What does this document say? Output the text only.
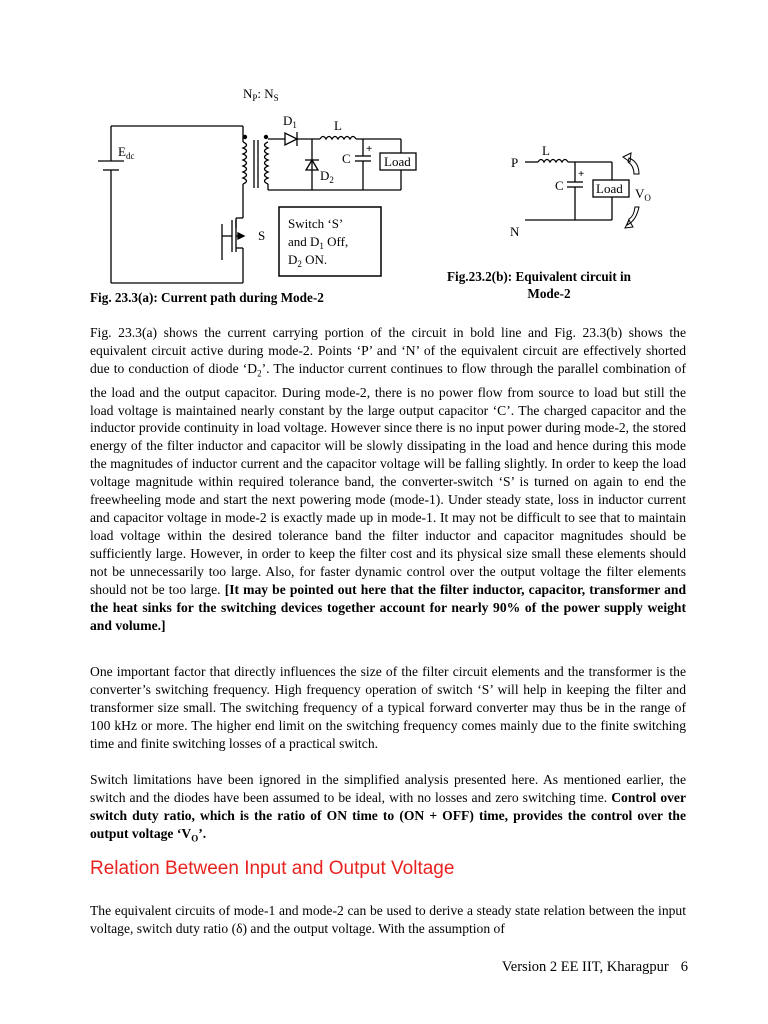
$N_P$: $N_S$
$E_{dc}$
$D_1$	L
C
+
$D_2$
Load
S
Switch ‘S’
and $D_1$ Off,
$D_2$ ON.
Fig. 23.3(a): Current path during Mode-2
P
N
L
C
+
Load $V_O$
Fig.23.2(b): Equivalent circuit in
Mode-2

Fig. 23.3(a) shows the current carrying portion of the circuit in bold line and Fig. 23.3(b) shows the equivalent circuit active during mode-2. Points ‘P’ and ‘N’ of the equivalent circuit are effectively shorted due to conduction of diode ‘$D_2$’. The inductor current continues to flow through the parallel combination of the load and the output capacitor. During mode-2, there is no power flow from source to load but still the load voltage is maintained nearly constant by the large output capacitor ‘C’. The charged capacitor and the inductor provide continuity in load voltage. However since there is no input power during mode-2, the stored energy of the filter inductor and capacitor will be slowly dissipating in the load and hence during this mode the magnitudes of inductor current and the capacitor voltage will be falling slightly. In order to keep the load voltage magnitude within required tolerance band, the converter-switch ‘S’ is turned on again to end the freewheeling mode and start the next powering mode (mode-1). Under steady state, loss in inductor current and capacitor voltage in mode-2 is exactly made up in mode-1. It may not be difficult to see that to maintain load voltage within the desired tolerance band the filter inductor and capacitor magnitudes should be sufficiently large. However, in order to keep the filter cost and its physical size small these elements should not be unnecessarily too large. Also, for faster dynamic control over the output voltage the filter elements should not be too large. [It may be pointed out here that the filter inductor, capacitor, transformer and the heat sinks for the switching devices together account for nearly 90% of the power supply weight and volume.]

One important factor that directly influences the size of the filter circuit elements and the transformer is the converter’s switching frequency. High frequency operation of switch ‘S’ will help in keeping the filter and transformer size small. The switching frequency of a typical forward converter may thus be in the range of 100 kHz or more. The higher end limit on the switching frequency comes mainly due to the finite switching time and finite switching losses of a practical switch.

Switch limitations have been ignored in the simplified analysis presented here. As mentioned earlier, the switch and the diodes have been assumed to be ideal, with no losses and zero switching time. Control over switch duty ratio, which is the ratio of ON time to (ON + OFF) time, provides the control over the output voltage ‘$V_O$’.

Relation Between Input and Output Voltage

The equivalent circuits of mode-1 and mode-2 can be used to derive a steady state relation between the input voltage, switch duty ratio (δ) and the output voltage. With the assumption of

Version 2 EE IIT, Kharagpur 6
